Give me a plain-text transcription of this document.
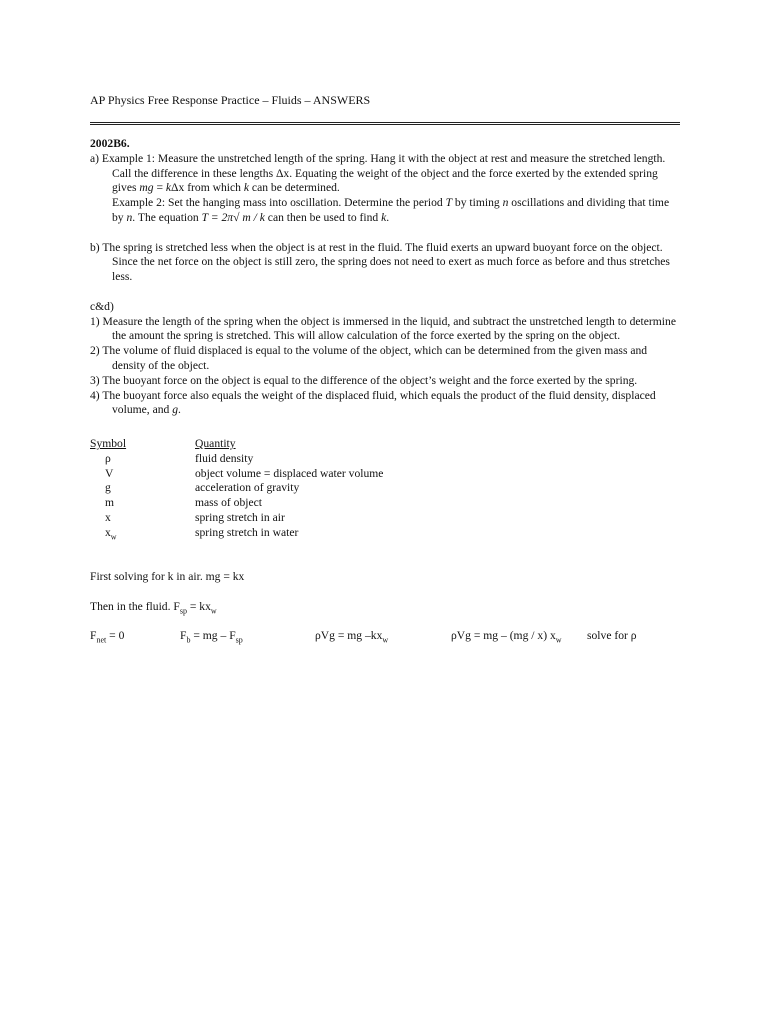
AP Physics Free Response Practice – Fluids – ANSWERS
2002B6.

a) Example 1: Measure the unstretched length of the spring. Hang it with the object at rest and measure the stretched length. Call the difference in these lengths Δx. Equating the weight of the object and the force exerted by the extended spring gives mg = kΔx from which k can be determined.

Example 2: Set the hanging mass into oscillation. Determine the period T by timing n oscillations and dividing that time by n. The equation T = 2π√ m / k can then be used to find k.

b) The spring is stretched less when the object is at rest in the fluid. The fluid exerts an upward buoyant force on the object. Since the net force on the object is still zero, the spring does not need to exert as much force as before and thus stretches less.

c&d)

1) Measure the length of the spring when the object is immersed in the liquid, and subtract the unstretched length to determine the amount the spring is stretched. This will allow calculation of the force exerted by the spring on the object.

2) The volume of fluid displaced is equal to the volume of the object, which can be determined from the given mass and density of the object.

3) The buoyant force on the object is equal to the difference of the object’s weight and the force exerted by the spring.

4) The buoyant force also equals the weight of the displaced fluid, which equals the product of the fluid density, displaced volume, and g.

Symbol	Quantity
ρ	fluid density
V	object volume = displaced water volume
g	acceleration of gravity
m	mass of object
x	spring stretch in air
$x_w$	spring stretch in water

First solving for k in air. mg = kx

Then in the fluid. $F_{sp} = kx_w$

$F_{net} = 0$	$F_b$ = mg – $F_{sp}$	ρVg = mg $-kx_w$	ρVg = mg – (mg / x) $x_w$ solve for ρ
